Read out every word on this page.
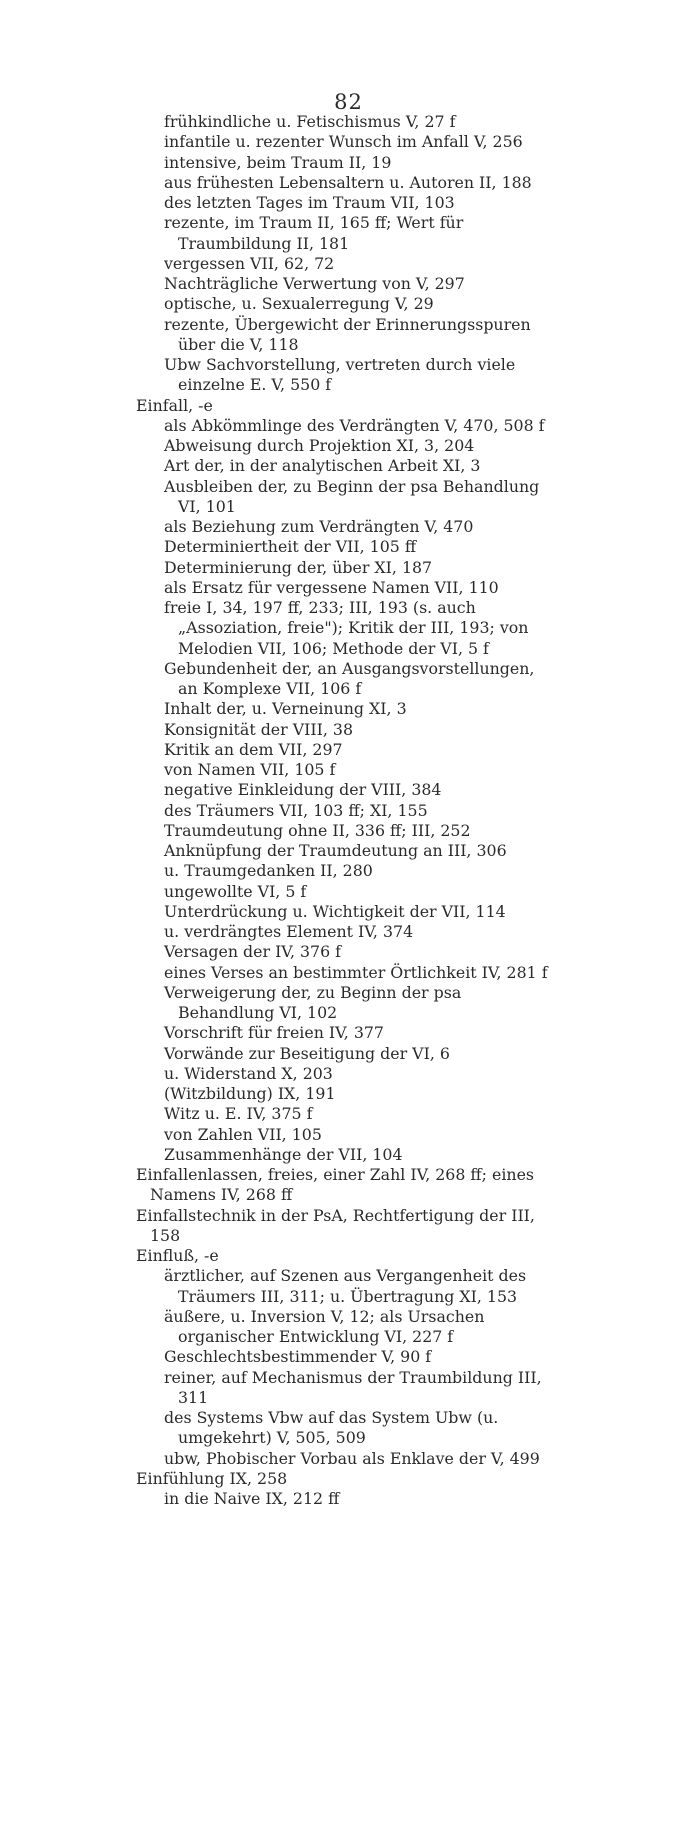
82
frühkindliche u. Fetischismus V, 27 f
infantile u. rezenter Wunsch im Anfall V, 256
intensive, beim Traum II, 19
aus frühesten Lebensaltern u. Autoren II, 188
des letzten Tages im Traum VII, 103
rezente, im Traum II, 165 ff; Wert für Traumbildung II, 181
vergessen VII, 62, 72
Nachträgliche Verwertung von V, 297
optische, u. Sexualerregung V, 29
rezente, Übergewicht der Erinnerungsspuren über die V, 118
Ubw Sachvorstellung, vertreten durch viele einzelne E. V, 550 f
Einfall, -e
als Abkömmlinge des Verdrängten V, 470, 508 f
Abweisung durch Projektion XI, 3, 204
Art der, in der analytischen Arbeit XI, 3
Ausbleiben der, zu Beginn der psa Behandlung VI, 101
als Beziehung zum Verdrängten V, 470
Determiniertheit der VII, 105 ff
Determinierung der, über XI, 187
als Ersatz für vergessene Namen VII, 110
freie I, 34, 197 ff, 233; III, 193 (s. auch „Assoziation, freie"); Kritik der III, 193; von Melodien VII, 106; Methode der VI, 5 f
Gebundenheit der, an Ausgangsvorstellungen, an Komplexe VII, 106 f
Inhalt der, u. Verneinung XI, 3
Konsignität der VIII, 38
Kritik an dem VII, 297
von Namen VII, 105 f
negative Einkleidung der VIII, 384
des Träumers VII, 103 ff; XI, 155
Traumdeutung ohne II, 336 ff; III, 252
Anknüpfung der Traumdeutung an III, 306
u. Traumgedanken II, 280
ungewollte VI, 5 f
Unterdrückung u. Wichtigkeit der VII, 114
u. verdrängtes Element IV, 374
Versagen der IV, 376 f
eines Verses an bestimmter Örtlichkeit IV, 281 f
Verweigerung der, zu Beginn der psa Behandlung VI, 102
Vorschrift für freien IV, 377
Vorwände zur Beseitigung der VI, 6
u. Widerstand X, 203
(Witzbildung) IX, 191
Witz u. E. IV, 375 f
von Zahlen VII, 105
Zusammenhänge der VII, 104
Einfallenlassen, freies, einer Zahl IV, 268 ff; eines Namens IV, 268 ff
Einfallstechnik in der PsA, Rechtfertigung der III, 158
Einfluß, -e
ärztlicher, auf Szenen aus Vergangenheit des Träumers III, 311; u. Übertragung XI, 153
äußere, u. Inversion V, 12; als Ursachen organischer Entwicklung VI, 227 f
Geschlechtsbestimmender V, 90 f
reiner, auf Mechanismus der Traumbildung III, 311
des Systems Vbw auf das System Ubw (u. umgekehrt) V, 505, 509
ubw, Phobischer Vorbau als Enklave der V, 499
Einfühlung IX, 258
in die Naive IX, 212 ff
